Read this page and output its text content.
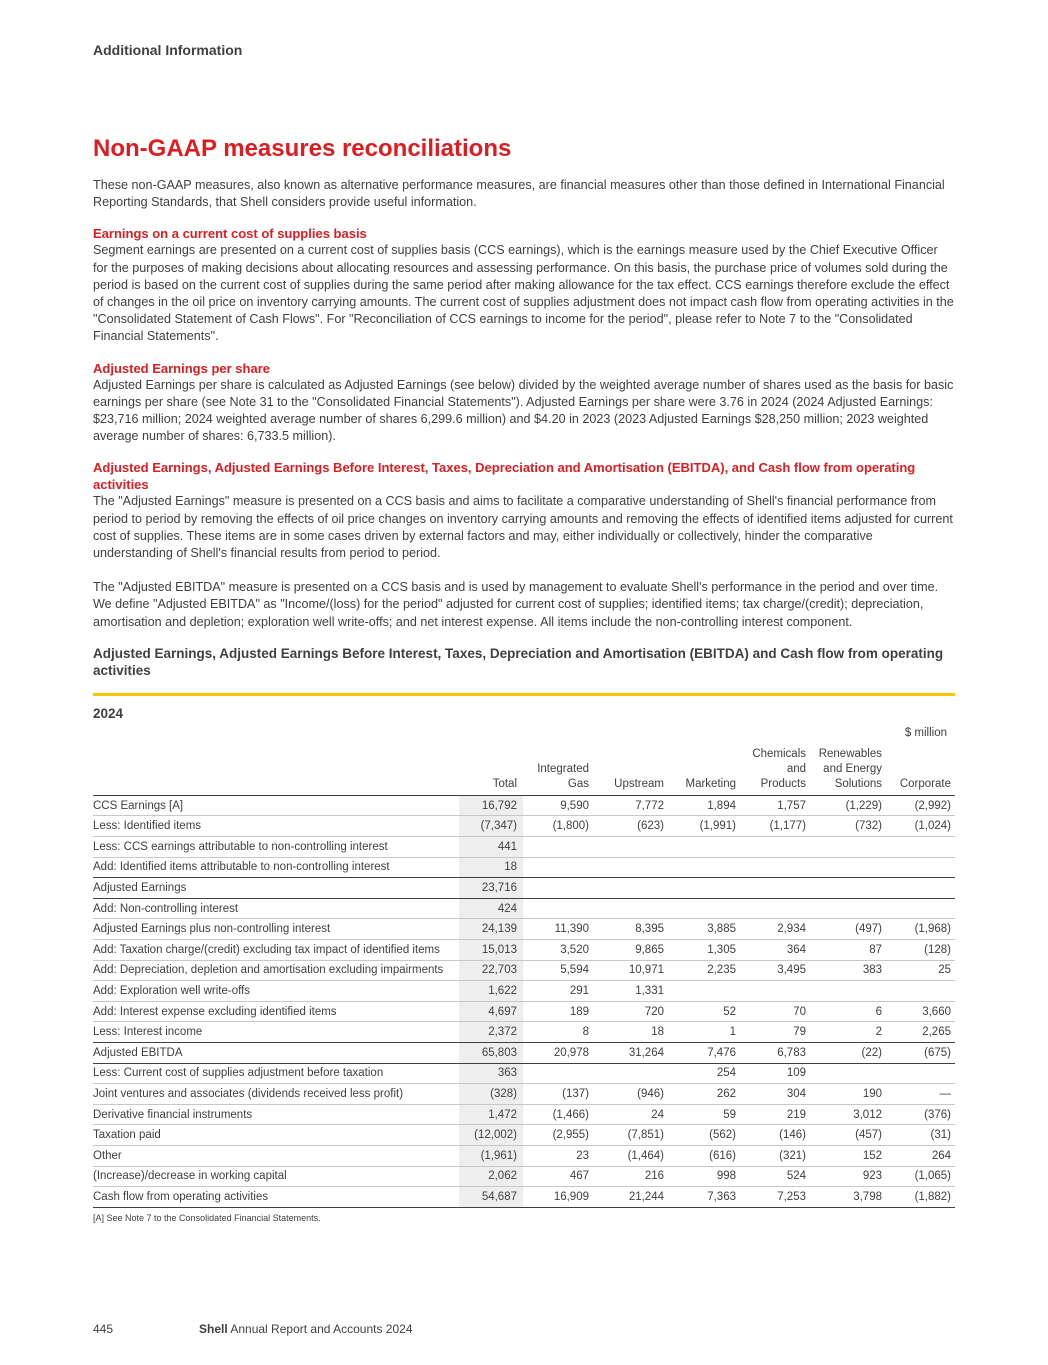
Additional Information
Non-GAAP measures reconciliations

These non-GAAP measures, also known as alternative performance measures, are financial measures other than those defined in International Financial Reporting Standards, that Shell considers provide useful information.

Earnings on a current cost of supplies basis

Segment earnings are presented on a current cost of supplies basis (CCS earnings), which is the earnings measure used by the Chief Executive Officer for the purposes of making decisions about allocating resources and assessing performance. On this basis, the purchase price of volumes sold during the period is based on the current cost of supplies during the same period after making allowance for the tax effect. CCS earnings therefore exclude the effect of changes in the oil price on inventory carrying amounts. The current cost of supplies adjustment does not impact cash flow from operating activities in the "Consolidated Statement of Cash Flows". For "Reconciliation of CCS earnings to income for the period", please refer to Note 7 to the "Consolidated Financial Statements".

Adjusted Earnings per share

Adjusted Earnings per share is calculated as Adjusted Earnings (see below) divided by the weighted average number of shares used as the basis for basic earnings per share (see Note 31 to the "Consolidated Financial Statements"). Adjusted Earnings per share were 3.76 in 2024 (2024 Adjusted Earnings: $23,716 million; 2024 weighted average number of shares 6,299.6 million) and $4.20 in 2023 (2023 Adjusted Earnings $28,250 million; 2023 weighted average number of shares: 6,733.5 million).

Adjusted Earnings, Adjusted Earnings Before Interest, Taxes, Depreciation and Amortisation (EBITDA), and Cash flow from operating activities

The "Adjusted Earnings" measure is presented on a CCS basis and aims to facilitate a comparative understanding of Shell's financial performance from period to period by removing the effects of oil price changes on inventory carrying amounts and removing the effects of identified items adjusted for current cost of supplies. These items are in some cases driven by external factors and may, either individually or collectively, hinder the comparative understanding of Shell's financial results from period to period.

The "Adjusted EBITDA" measure is presented on a CCS basis and is used by management to evaluate Shell's performance in the period and over time. We define "Adjusted EBITDA" as "Income/(loss) for the period" adjusted for current cost of supplies; identified items; tax charge/(credit); depreciation, amortisation and depletion; exploration well write-offs; and net interest expense. All items include the non-controlling interest component.

Adjusted Earnings, Adjusted Earnings Before Interest, Taxes, Depreciation and Amortisation (EBITDA) and Cash flow from operating activities
2024
$ million
	Total	Integrated Gas	Upstream	Marketing	Chemicals and Products	Renewables and Energy Solutions	Corporate
CCS Earnings [A]	16,792	9,590	7,772	1,894	1,757	(1,229)	(2,992)
Less: Identified items	(7,347)	(1,800)	(623)	(1,991)	(1,177)	(732)	(1,024)
Less: CCS earnings attributable to non-controlling interest	441						
Add: Identified items attributable to non-controlling interest	18						
Adjusted Earnings	23,716						
Add: Non-controlling interest	424						
Adjusted Earnings plus non-controlling interest	24,139	11,390	8,395	3,885	2,934	(497)	(1,968)
Add: Taxation charge/(credit) excluding tax impact of identified items	15,013	3,520	9,865	1,305	364	87	(128)
Add: Depreciation, depletion and amortisation excluding impairments	22,703	5,594	10,971	2,235	3,495	383	25
Add: Exploration well write-offs	1,622	291	1,331				
Add: Interest expense excluding identified items	4,697	189	720	52	70	6	3,660
Less: Interest income	2,372	8	18	1	79	2	2,265
Adjusted EBITDA	65,803	20,978	31,264	7,476	6,783	(22)	(675)
Less: Current cost of supplies adjustment before taxation	363			254	109		
Joint ventures and associates (dividends received less profit)	(328)	(137)	(946)	262	304	190	—
Derivative financial instruments	1,472	(1,466)	24	59	219	3,012	(376)
Taxation paid	(12,002)	(2,955)	(7,851)	(562)	(146)	(457)	(31)
Other	(1,961)	23	(1,464)	(616)	(321)	152	264
(Increase)/decrease in working capital	2,062	467	216	998	524	923	(1,065)
Cash flow from operating activities	54,687	16,909	21,244	7,363	7,253	3,798	(1,882)
[A] See Note 7 to the Consolidated Financial Statements.
445	Shell Annual Report and Accounts 2024
